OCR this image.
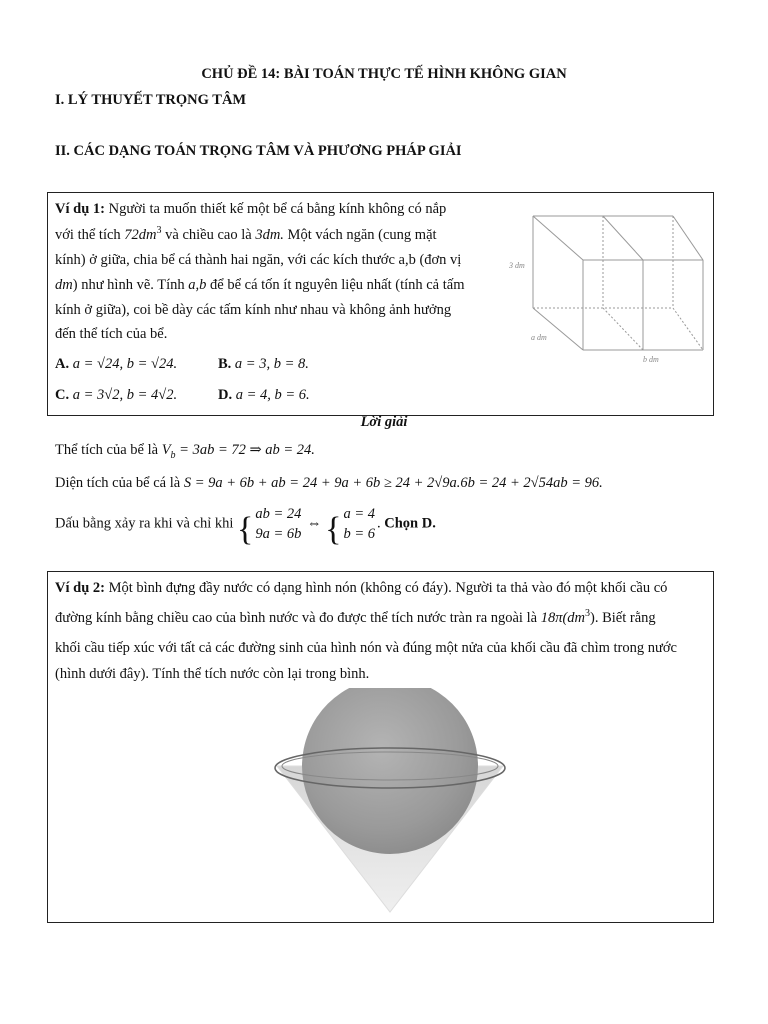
CHỦ ĐỀ 14: BÀI TOÁN THỰC TẾ HÌNH KHÔNG GIAN
I. LÝ THUYẾT TRỌNG TÂM
II. CÁC DẠNG TOÁN TRỌNG TÂM VÀ PHƯƠNG PHÁP GIẢI
Ví dụ 1: Người ta muốn thiết kế một bể cá bằng kính không có nắp
với thể tích $72dm^3$ và chiều cao là 3dm. Một vách ngăn (cung mặt
kính) ở giữa, chia bể cá thành hai ngăn, với các kích thước a,b (đơn vị
dm) như hình vẽ. Tính a,b để bể cá tốn ít nguyên liệu nhất (tính cả tấm
kính ở giữa), coi bề dày các tấm kính như nhau và không ảnh hưởng
đến thể tích của bể.
A. a = √24, b = √24.	B. a = 3, b = 8.
C. a = 3√2, b = 4√2.	D. a = 4, b = 6.
3 dm
a dm
b dm
Lời giải
Thể tích của bể là $V_b = 3ab = 72$ ⇒ ab = 24.
Diện tích của bể cá là S = 9a + 6b + ab = 24 + 9a + 6b ≥ 24 + 2√9a.6b = 24 + 2√54ab = 96.
Dấu bằng xảy ra khi và chỉ khi { ab = 24
9a = 6b
⇔ { a = 4
b = 6
. Chọn D.
Ví dụ 2: Một bình đựng đầy nước có dạng hình nón (không có đáy). Người ta thả vào đó một khối cầu có
đường kính bằng chiều cao của bình nước và đo được thể tích nước tràn ra ngoài là $18\pi(dm^3)$. Biết rằng
khối cầu tiếp xúc với tất cả các đường sinh của hình nón và đúng một nửa của khối cầu đã chìm trong nước
(hình dưới đây). Tính thể tích nước còn lại trong bình.
